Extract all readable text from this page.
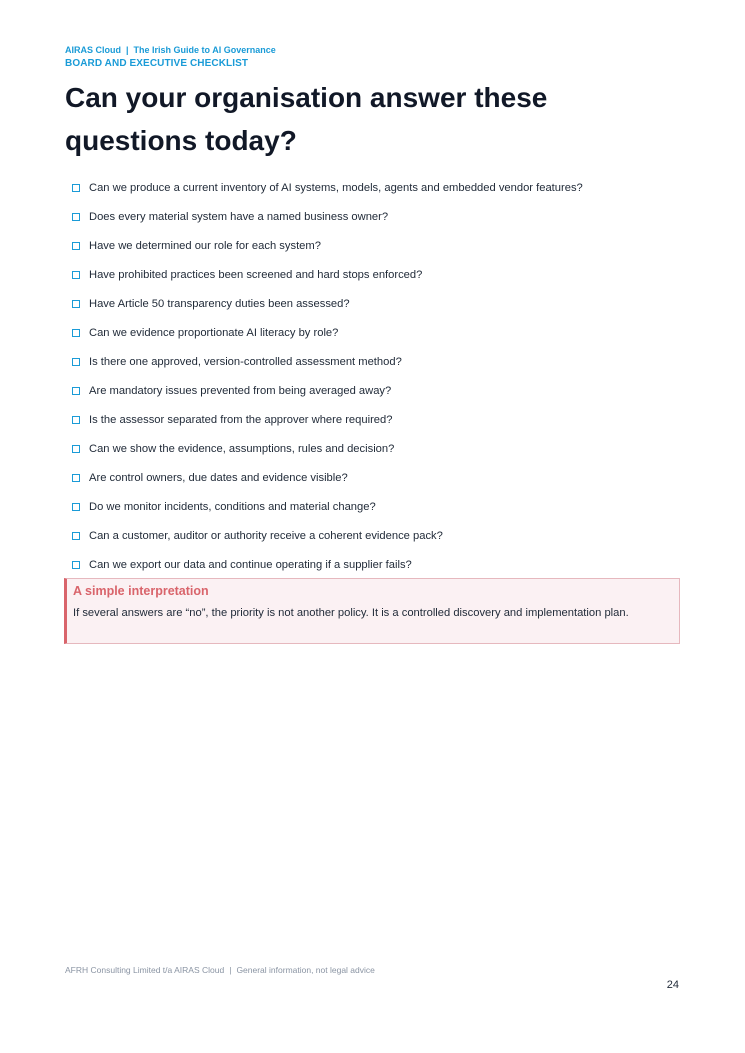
AIRAS Cloud | The Irish Guide to AI Governance
BOARD AND EXECUTIVE CHECKLIST
Can your organisation answer these questions today?
Can we produce a current inventory of AI systems, models, agents and embedded vendor features?
Does every material system have a named business owner?
Have we determined our role for each system?
Have prohibited practices been screened and hard stops enforced?
Have Article 50 transparency duties been assessed?
Can we evidence proportionate AI literacy by role?
Is there one approved, version-controlled assessment method?
Are mandatory issues prevented from being averaged away?
Is the assessor separated from the approver where required?
Can we show the evidence, assumptions, rules and decision?
Are control owners, due dates and evidence visible?
Do we monitor incidents, conditions and material change?
Can a customer, auditor or authority receive a coherent evidence pack?
Can we export our data and continue operating if a supplier fails?
A simple interpretation
If several answers are “no”, the priority is not another policy. It is a controlled discovery and implementation plan.
AFRH Consulting Limited t/a AIRAS Cloud | General information, not legal advice
24
